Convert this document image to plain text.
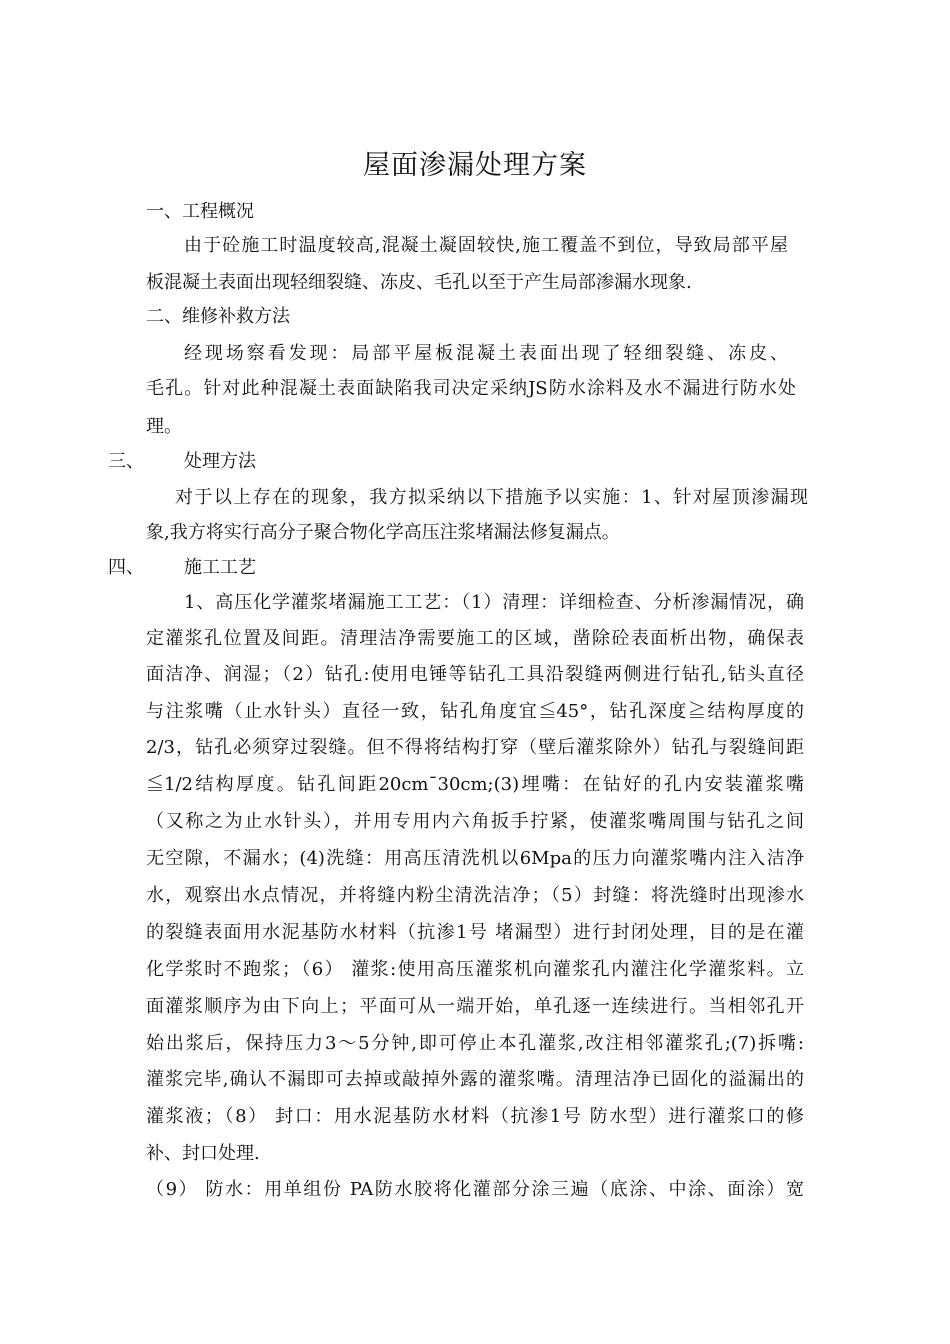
屋面渗漏处理方案
一、工程概况
由于砼施工时温度较高,混凝土凝固较快,施工覆盖不到位，导致局部平屋
板混凝土表面出现轻细裂缝、冻皮、毛孔以至于产生局部渗漏水现象.
二、维修补救方法
经现场察看发现：局部平屋板混凝土表面出现了轻细裂缝、冻皮、
毛孔。针对此种混凝土表面缺陷我司决定采纳JS防水涂料及水不漏进行防水处
理。
三、 处理方法
对于以上存在的现象，我方拟采纳以下措施予以实施：1、针对屋顶渗漏现
象,我方将实行高分子聚合物化学高压注浆堵漏法修复漏点。
四、 施工工艺
1、高压化学灌浆堵漏施工工艺：（1）清理：详细检查、分析渗漏情况，确
定灌浆孔位置及间距。清理洁净需要施工的区域，凿除砼表面析出物，确保表
面洁净、润湿；（2）钻孔:使用电锤等钻孔工具沿裂缝两侧进行钻孔,钻头直径
与注浆嘴（止水针头）直径一致，钻孔角度宜≦45°，钻孔深度≧结构厚度的
2/3，钻孔必须穿过裂缝。但不得将结构打穿（壁后灌浆除外）钻孔与裂缝间距
≦1/2结构厚度。钻孔间距20cm¯30cm;(3)埋嘴：在钻好的孔内安装灌浆嘴
（又称之为止水针头），并用专用内六角扳手拧紧，使灌浆嘴周围与钻孔之间
无空隙，不漏水；(4)洗缝：用高压清洗机以6Mpa的压力向灌浆嘴内注入洁净
水，观察出水点情况，并将缝内粉尘清洗洁净；（5）封缝：将洗缝时出现渗水
的裂缝表面用水泥基防水材料（抗渗1号 堵漏型）进行封闭处理，目的是在灌
化学浆时不跑浆；（6） 灌浆:使用高压灌浆机向灌浆孔内灌注化学灌浆料。立
面灌浆顺序为由下向上；平面可从一端开始，单孔逐一连续进行。当相邻孔开
始出浆后，保持压力3～5分钟,即可停止本孔灌浆,改注相邻灌浆孔;(7)拆嘴:
灌浆完毕,确认不漏即可去掉或敲掉外露的灌浆嘴。清理洁净已固化的溢漏出的
灌浆液；（8） 封口：用水泥基防水材料（抗渗1号 防水型）进行灌浆口的修
补、封口处理.
（9） 防水：用单组份 PA防水胶将化灌部分涂三遍（底涂、中涂、面涂）宽
